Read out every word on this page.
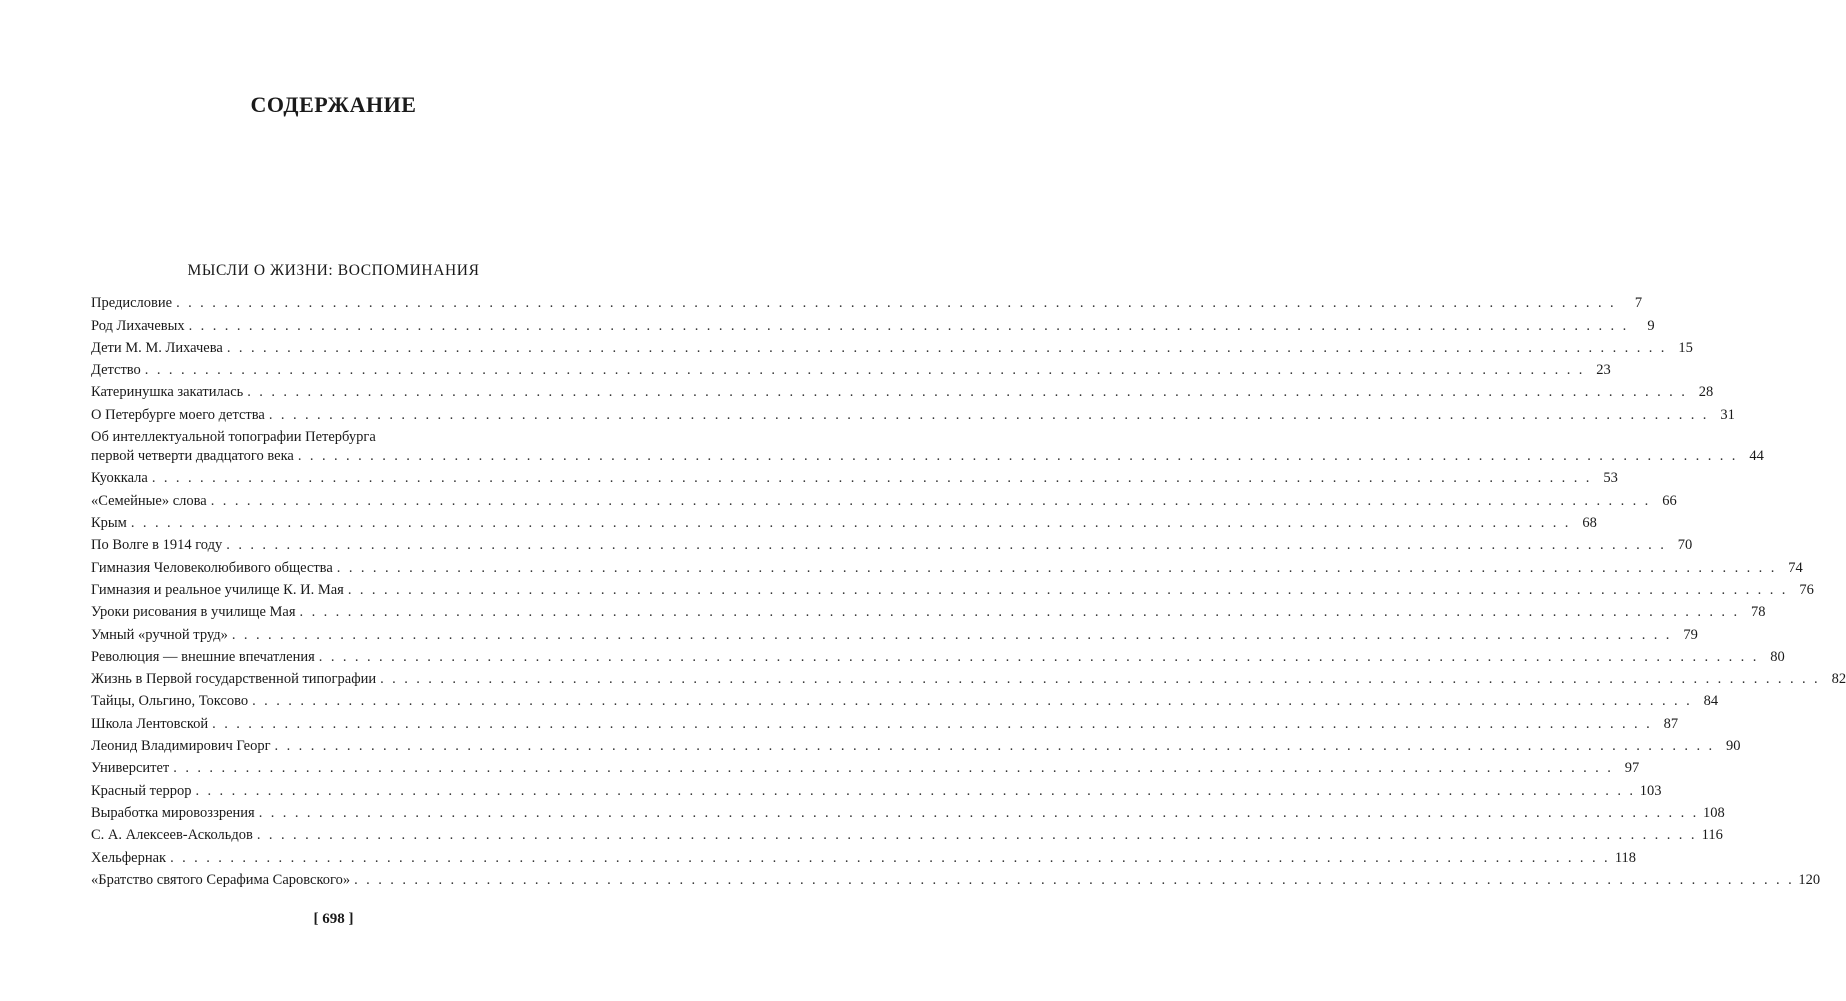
СОДЕРЖАНИЕ
МЫСЛИ О ЖИЗНИ: ВОСПОМИНАНИЯ
Предисловие . . . . . . . . . . . . . . . . . . . . . . . . . . . . . . . . . . . . . . . . . . . . . . . . . . . . . . . . . . . . . . . . . . . . . . . . . . . . . . . . . . . . . . . . . . . . . . . . . . . . . . . . . . . . . . . . . . . . . . . .	7
Род Лихачевых . . . . . . . . . . . . . . . . . . . . . . . . . . . . . . . . . . . . . . . . . . . . . . . . . . . . . . . . . . . . . . . . . . . . . . . . . . . . . . . . . . . . . . . . . . . . . . . . . . . . . . . . . . . . . . . . . . . . . . . .	9
Дети М. М. Лихачева . . . . . . . . . . . . . . . . . . . . . . . . . . . . . . . . . . . . . . . . . . . . . . . . . . . . . . . . . . . . . . . . . . . . . . . . . . . . . . . . . . . . . . . . . . . . . . . . . . . . . . . . . . . . . . . . . . . . . . . . 15
Детство . . . . . . . . . . . . . . . . . . . . . . . . . . . . . . . . . . . . . . . . . . . . . . . . . . . . . . . . . . . . . . . . . . . . . . . . . . . . . . . . . . . . . . . . . . . . . . . . . . . . . . . . . . . . . . . . . . . . . . . . 23
Катеринушка закатилась . . . . . . . . . . . . . . . . . . . . . . . . . . . . . . . . . . . . . . . . . . . . . . . . . . . . . . . . . . . . . . . . . . . . . . . . . . . . . . . . . . . . . . . . . . . . . . . . . . . . . . . . . . . . . . . . . . . . . . . . 28
О Петербурге моего детства . . . . . . . . . . . . . . . . . . . . . . . . . . . . . . . . . . . . . . . . . . . . . . . . . . . . . . . . . . . . . . . . . . . . . . . . . . . . . . . . . . . . . . . . . . . . . . . . . . . . . . . . . . . . . . . . . . . . . . . . 31
Об интеллектуальной топографии Петербурга
первой четверти двадцатого века . . . . . . . . . . . . . . . . . . . . . . . . . . . . . . . . . . . . . . . . . . . . . . . . . . . . . . . . . . . . . . . . . . . . . . . . . . . . . . . . . . . . . . . . . . . . . . . . . . . . . . . . . . . . . . . . . . . . . . . . 44
Куоккала . . . . . . . . . . . . . . . . . . . . . . . . . . . . . . . . . . . . . . . . . . . . . . . . . . . . . . . . . . . . . . . . . . . . . . . . . . . . . . . . . . . . . . . . . . . . . . . . . . . . . . . . . . . . . . . . . . . . . . . . 53
«Семейные» слова . . . . . . . . . . . . . . . . . . . . . . . . . . . . . . . . . . . . . . . . . . . . . . . . . . . . . . . . . . . . . . . . . . . . . . . . . . . . . . . . . . . . . . . . . . . . . . . . . . . . . . . . . . . . . . . . . . . . . . . . 66
Крым . . . . . . . . . . . . . . . . . . . . . . . . . . . . . . . . . . . . . . . . . . . . . . . . . . . . . . . . . . . . . . . . . . . . . . . . . . . . . . . . . . . . . . . . . . . . . . . . . . . . . . . . . . . . . . . . . . . . . . . . 68
По Волге в 1914 году . . . . . . . . . . . . . . . . . . . . . . . . . . . . . . . . . . . . . . . . . . . . . . . . . . . . . . . . . . . . . . . . . . . . . . . . . . . . . . . . . . . . . . . . . . . . . . . . . . . . . . . . . . . . . . . . . . . . . . . . 70
Гимназия Человеколюбивого общества . . . . . . . . . . . . . . . . . . . . . . . . . . . . . . . . . . . . . . . . . . . . . . . . . . . . . . . . . . . . . . . . . . . . . . . . . . . . . . . . . . . . . . . . . . . . . . . . . . . . . . . . . . . . . . . . . . . . . . . . 74
Гимназия и реальное училище К. И. Мая . . . . . . . . . . . . . . . . . . . . . . . . . . . . . . . . . . . . . . . . . . . . . . . . . . . . . . . . . . . . . . . . . . . . . . . . . . . . . . . . . . . . . . . . . . . . . . . . . . . . . . . . . . . . . . . . . . . . . . . . 76
Уроки рисования в училище Мая . . . . . . . . . . . . . . . . . . . . . . . . . . . . . . . . . . . . . . . . . . . . . . . . . . . . . . . . . . . . . . . . . . . . . . . . . . . . . . . . . . . . . . . . . . . . . . . . . . . . . . . . . . . . . . . . . . . . . . . . 78
Умный «ручной труд» . . . . . . . . . . . . . . . . . . . . . . . . . . . . . . . . . . . . . . . . . . . . . . . . . . . . . . . . . . . . . . . . . . . . . . . . . . . . . . . . . . . . . . . . . . . . . . . . . . . . . . . . . . . . . . . . . . . . . . . . 79
Революция — внешние впечатления . . . . . . . . . . . . . . . . . . . . . . . . . . . . . . . . . . . . . . . . . . . . . . . . . . . . . . . . . . . . . . . . . . . . . . . . . . . . . . . . . . . . . . . . . . . . . . . . . . . . . . . . . . . . . . . . . . . . . . . . 80
Жизнь в Первой государственной типографии . . . . . . . . . . . . . . . . . . . . . . . . . . . . . . . . . . . . . . . . . . . . . . . . . . . . . . . . . . . . . . . . . . . . . . . . . . . . . . . . . . . . . . . . . . . . . . . . . . . . . . . . . . . . . . . . . . . . . . . . 82
Тайцы, Ольгино, Токсово . . . . . . . . . . . . . . . . . . . . . . . . . . . . . . . . . . . . . . . . . . . . . . . . . . . . . . . . . . . . . . . . . . . . . . . . . . . . . . . . . . . . . . . . . . . . . . . . . . . . . . . . . . . . . . . . . . . . . . . . 84
Школа Лентовской . . . . . . . . . . . . . . . . . . . . . . . . . . . . . . . . . . . . . . . . . . . . . . . . . . . . . . . . . . . . . . . . . . . . . . . . . . . . . . . . . . . . . . . . . . . . . . . . . . . . . . . . . . . . . . . . . . . . . . . . 87
Леонид Владимирович Георг . . . . . . . . . . . . . . . . . . . . . . . . . . . . . . . . . . . . . . . . . . . . . . . . . . . . . . . . . . . . . . . . . . . . . . . . . . . . . . . . . . . . . . . . . . . . . . . . . . . . . . . . . . . . . . . . . . . . . . . . 90
Университет . . . . . . . . . . . . . . . . . . . . . . . . . . . . . . . . . . . . . . . . . . . . . . . . . . . . . . . . . . . . . . . . . . . . . . . . . . . . . . . . . . . . . . . . . . . . . . . . . . . . . . . . . . . . . . . . . . . . . . . . 97
Красный террор . . . . . . . . . . . . . . . . . . . . . . . . . . . . . . . . . . . . . . . . . . . . . . . . . . . . . . . . . . . . . . . . . . . . . . . . . . . . . . . . . . . . . . . . . . . . . . . . . . . . . . . . . . . . . . . . . . . . . . . . 103
Выработка мировоззрения . . . . . . . . . . . . . . . . . . . . . . . . . . . . . . . . . . . . . . . . . . . . . . . . . . . . . . . . . . . . . . . . . . . . . . . . . . . . . . . . . . . . . . . . . . . . . . . . . . . . . . . . . . . . . . . . . . . . . . . . 108
С. А. Алексеев-Аскольдов . . . . . . . . . . . . . . . . . . . . . . . . . . . . . . . . . . . . . . . . . . . . . . . . . . . . . . . . . . . . . . . . . . . . . . . . . . . . . . . . . . . . . . . . . . . . . . . . . . . . . . . . . . . . . . . . . . . . . . . . 116
Хельфернак . . . . . . . . . . . . . . . . . . . . . . . . . . . . . . . . . . . . . . . . . . . . . . . . . . . . . . . . . . . . . . . . . . . . . . . . . . . . . . . . . . . . . . . . . . . . . . . . . . . . . . . . . . . . . . . . . . . . . . . . 118
«Братство святого Серафима Саровского» . . . . . . . . . . . . . . . . . . . . . . . . . . . . . . . . . . . . . . . . . . . . . . . . . . . . . . . . . . . . . . . . . . . . . . . . . . . . . . . . . . . . . . . . . . . . . . . . . . . . . . . . . . . . . . . . . . . . . . . . 120
[ 698 ]
